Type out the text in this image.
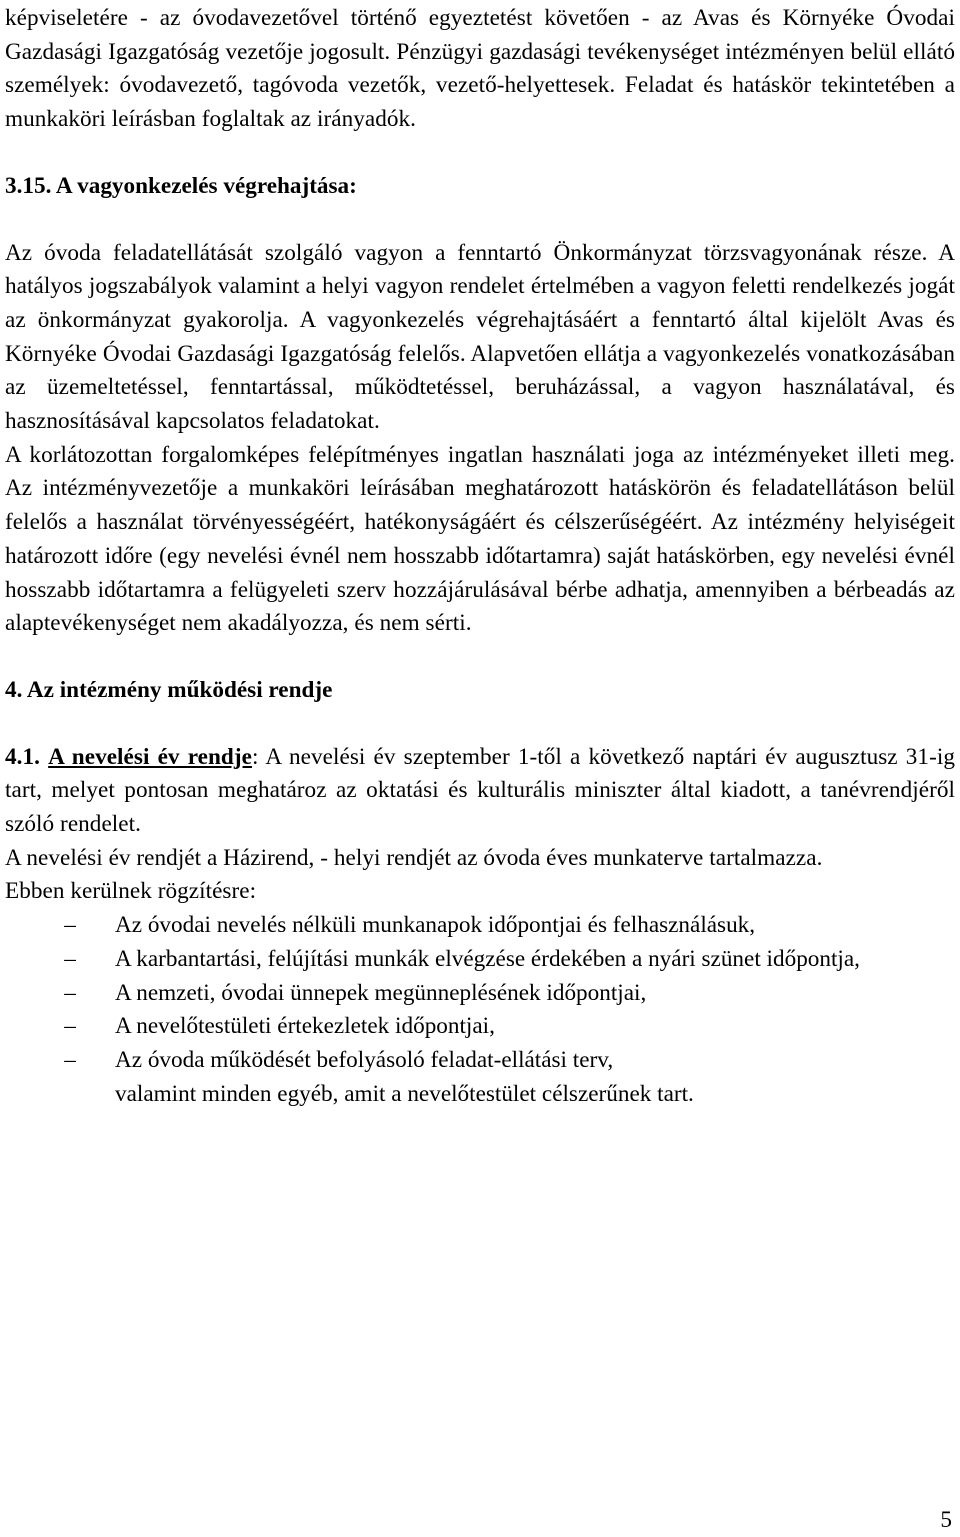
képviseletére - az óvodavezetővel történő egyeztetést követően - az Avas és Környéke Óvodai Gazdasági Igazgatóság vezetője jogosult. Pénzügyi gazdasági tevékenységet intézményen belül ellátó személyek: óvodavezető, tagóvoda vezetők, vezető-helyettesek. Feladat és hatáskör tekintetében a munkaköri leírásban foglaltak az irányadók.

3.15. A vagyonkezelés végrehajtása:

Az óvoda feladatellátását szolgáló vagyon a fenntartó Önkormányzat törzsvagyonának része. A hatályos jogszabályok valamint a helyi vagyon rendelet értelmében a vagyon feletti rendelkezés jogát az önkormányzat gyakorolja. A vagyonkezelés végrehajtásáért a fenntartó által kijelölt Avas és Környéke Óvodai Gazdasági Igazgatóság felelős. Alapvetően ellátja a vagyonkezelés vonatkozásában az üzemeltetéssel, fenntartással, működtetéssel, beruházással, a vagyon használatával, és hasznosításával kapcsolatos feladatokat.

A korlátozottan forgalomképes felépítményes ingatlan használati joga az intézményeket illeti meg. Az intézményvezetője a munkaköri leírásában meghatározott hatáskörön és feladatellátáson belül felelős a használat törvényességéért, hatékonyságáért és célszerűségéért. Az intézmény helyiségeit határozott időre (egy nevelési évnél nem hosszabb időtartamra) saját hatáskörben, egy nevelési évnél hosszabb időtartamra a felügyeleti szerv hozzájárulásával bérbe adhatja, amennyiben a bérbeadás az alaptevékenységet nem akadályozza, és nem sérti.

4. Az intézmény működési rendje

4.1. A nevelési év rendje: A nevelési év szeptember 1-től a következő naptári év augusztusz 31-ig tart, melyet pontosan meghatároz az oktatási és kulturális miniszter által kiadott, a tanévrendjéről szóló rendelet.

A nevelési év rendjét a Házirend, - helyi rendjét az óvoda éves munkaterve tartalmazza.

Ebben kerülnek rögzítésre:

–	Az óvodai nevelés nélküli munkanapok időpontjai és felhasználásuk,
–	A karbantartási, felújítási munkák elvégzése érdekében a nyári szünet időpontja,
–	A nemzeti, óvodai ünnepek megünneplésének időpontjai,
–	A nevelőtestületi értekezletek időpontjai,
–	Az óvoda működését befolyásoló feladat-ellátási terv,
valamint minden egyéb, amit a nevelőtestület célszerűnek tart.
5
